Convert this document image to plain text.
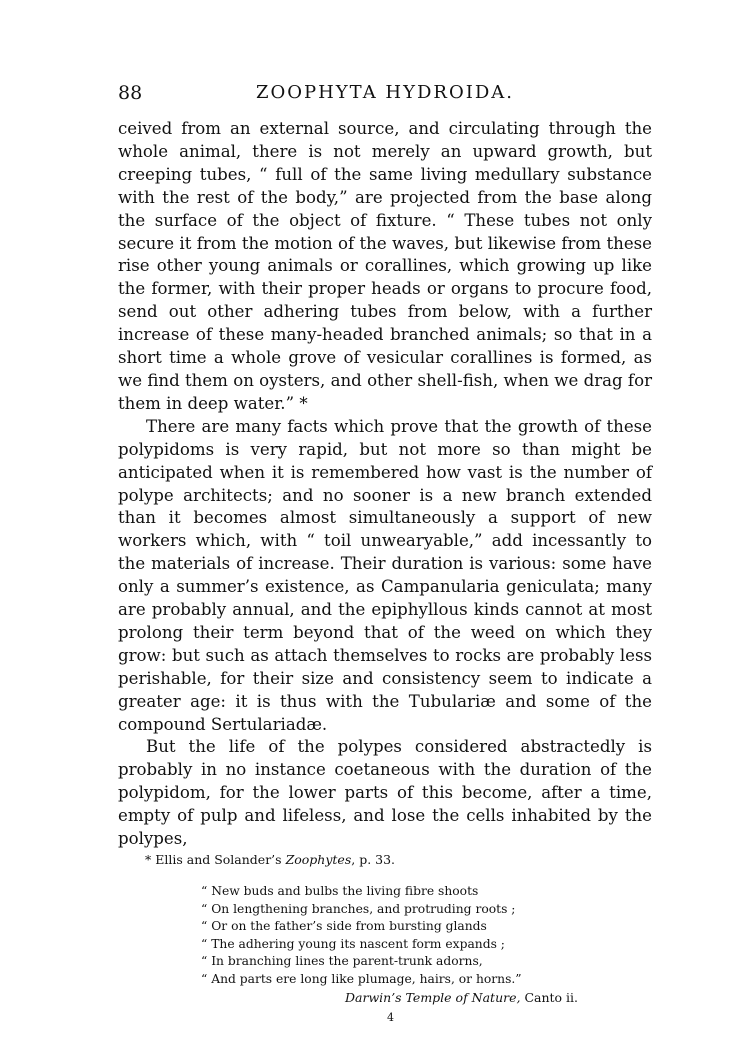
88	ZOOPHYTA HYDROIDA.

ceived from an external source, and circulating through the whole animal, there is not merely an upward growth, but creeping tubes, “ full of the same living medullary substance with the rest of the body,” are projected from the base along the surface of the object of fixture. “ These tubes not only secure it from the motion of the waves, but likewise from these rise other young animals or corallines, which growing up like the former, with their proper heads or organs to procure food, send out other adhering tubes from below, with a further increase of these many-headed branched animals; so that in a short time a whole grove of vesicular corallines is formed, as we find them on oysters, and other shell-fish, when we drag for them in deep water.” *

There are many facts which prove that the growth of these polypidoms is very rapid, but not more so than might be anticipated when it is remembered how vast is the number of polype architects; and no sooner is a new branch extended than it becomes almost simultaneously a support of new workers which, with “ toil unwearyable,” add incessantly to the materials of increase. Their duration is various: some have only a summer’s existence, as Campanularia geniculata; many are probably annual, and the epiphyllous kinds cannot at most prolong their term beyond that of the weed on which they grow: but such as attach themselves to rocks are probably less perishable, for their size and consistency seem to indicate a greater age: it is thus with the Tubulariæ and some of the compound Sertulariadæ.

But the life of the polypes considered abstractedly is probably in no instance coetaneous with the duration of the polypidom, for the lower parts of this become, after a time, empty of pulp and lifeless, and lose the cells inhabited by the polypes,

* Ellis and Solander’s Zoophytes, p. 33.
“ New buds and bulbs the living fibre shoots
“ On lengthening branches, and protruding roots ;
“ Or on the father’s side from bursting glands
“ The adhering young its nascent form expands ;
“ In branching lines the parent-trunk adorns,
“ And parts ere long like plumage, hairs, or horns.”
Darwin’s Temple of Nature, Canto ii.
4
